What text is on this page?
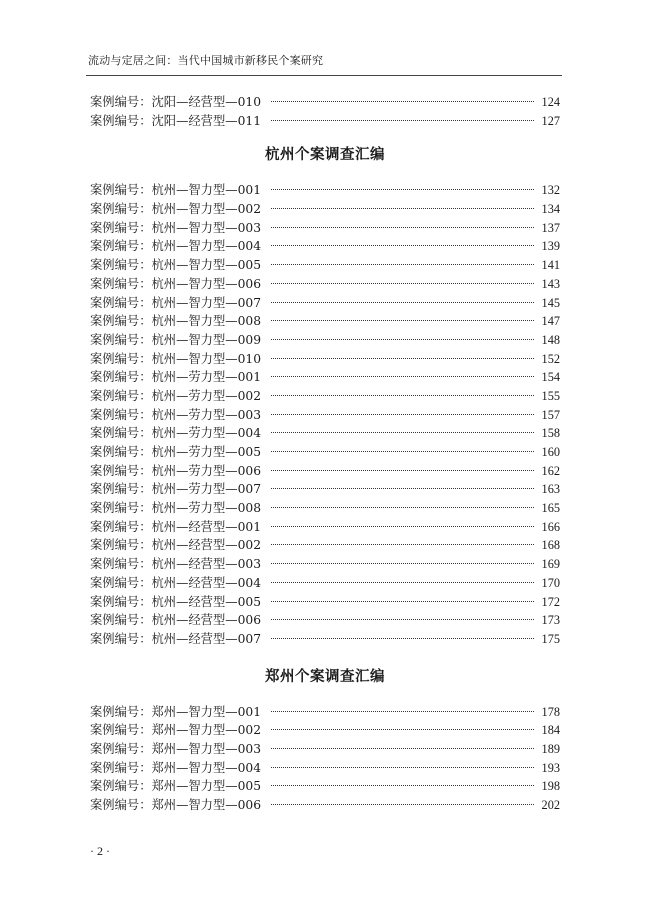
流动与定居之间：当代中国城市新移民个案研究
案例编号：沈阳—经营型—010	124
案例编号：沈阳—经营型—011	127
杭州个案调查汇编
案例编号：杭州—智力型—001	132
案例编号：杭州—智力型—002	134
案例编号：杭州—智力型—003	137
案例编号：杭州—智力型—004	139
案例编号：杭州—智力型—005	141
案例编号：杭州—智力型—006	143
案例编号：杭州—智力型—007	145
案例编号：杭州—智力型—008	147
案例编号：杭州—智力型—009	148
案例编号：杭州—智力型—010	152
案例编号：杭州—劳力型—001	154
案例编号：杭州—劳力型—002	155
案例编号：杭州—劳力型—003	157
案例编号：杭州—劳力型—004	158
案例编号：杭州—劳力型—005	160
案例编号：杭州—劳力型—006	162
案例编号：杭州—劳力型—007	163
案例编号：杭州—劳力型—008	165
案例编号：杭州—经营型—001	166
案例编号：杭州—经营型—002	168
案例编号：杭州—经营型—003	169
案例编号：杭州—经营型—004	170
案例编号：杭州—经营型—005	172
案例编号：杭州—经营型—006	173
案例编号：杭州—经营型—007	175
郑州个案调查汇编
案例编号：郑州—智力型—001	178
案例编号：郑州—智力型—002	184
案例编号：郑州—智力型—003	189
案例编号：郑州—智力型—004	193
案例编号：郑州—智力型—005	198
案例编号：郑州—智力型—006	202
· 2 ·
